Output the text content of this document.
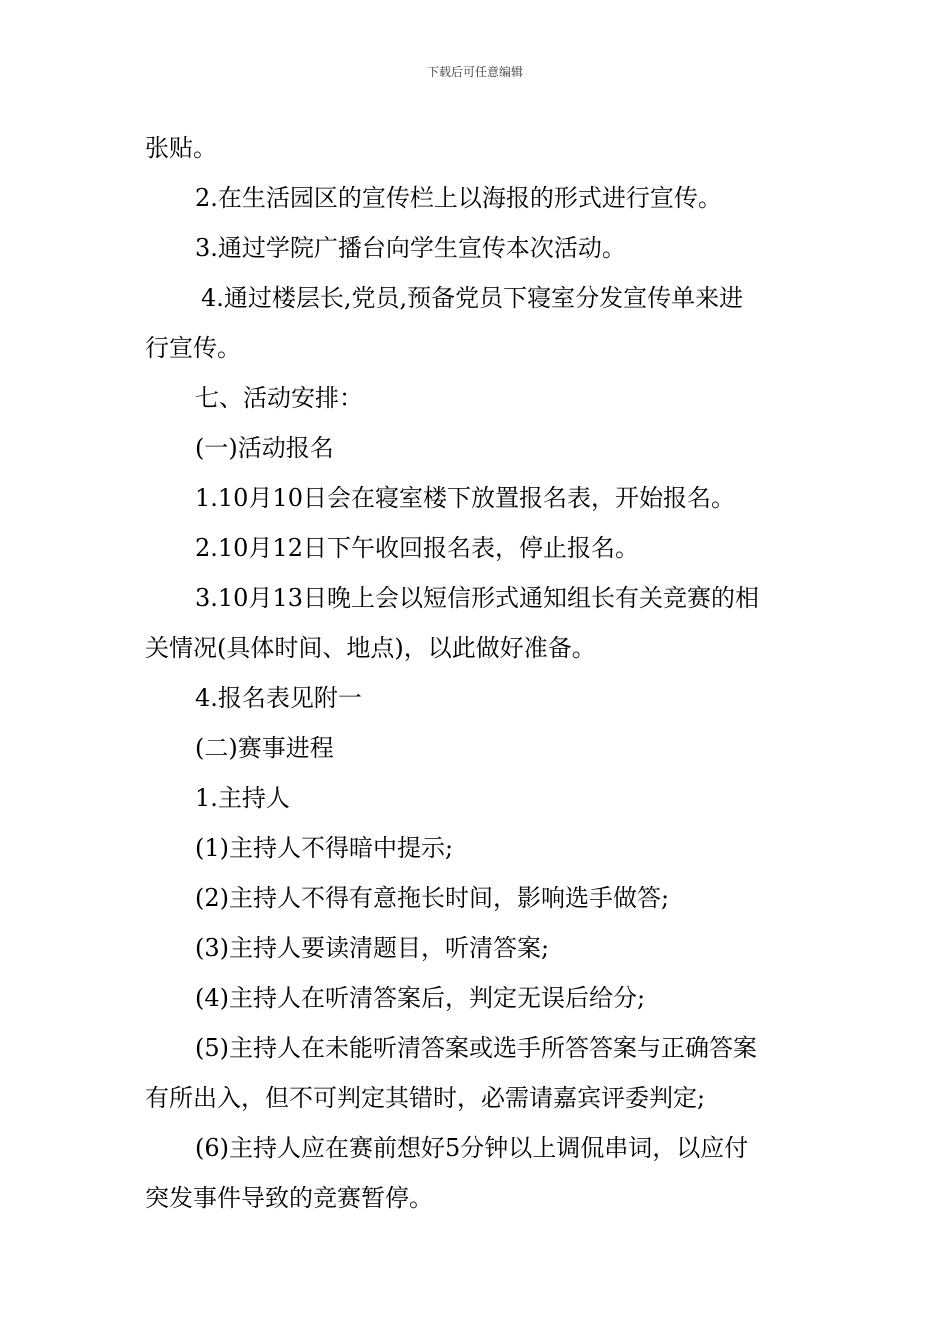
下载后可任意编辑

张贴。

2.在生活园区的宣传栏上以海报的形式进行宣传。

3.通过学院广播台向学生宣传本次活动。

4.通过楼层长,党员,预备党员下寝室分发宣传单来进

行宣传。

七、活动安排：

(一)活动报名

1.10月10日会在寝室楼下放置报名表，开始报名。

2.10月12日下午收回报名表，停止报名。

3.10月13日晚上会以短信形式通知组长有关竞赛的相

关情况(具体时间、地点)，以此做好准备。

4.报名表见附一

(二)赛事进程

1.主持人

(1)主持人不得暗中提示;

(2)主持人不得有意拖长时间，影响选手做答;

(3)主持人要读清题目，听清答案;

(4)主持人在听清答案后，判定无误后给分;

(5)主持人在未能听清答案或选手所答答案与正确答案

有所出入，但不可判定其错时，必需请嘉宾评委判定;

(6)主持人应在赛前想好5分钟以上调侃串词，以应付

突发事件导致的竞赛暂停。
